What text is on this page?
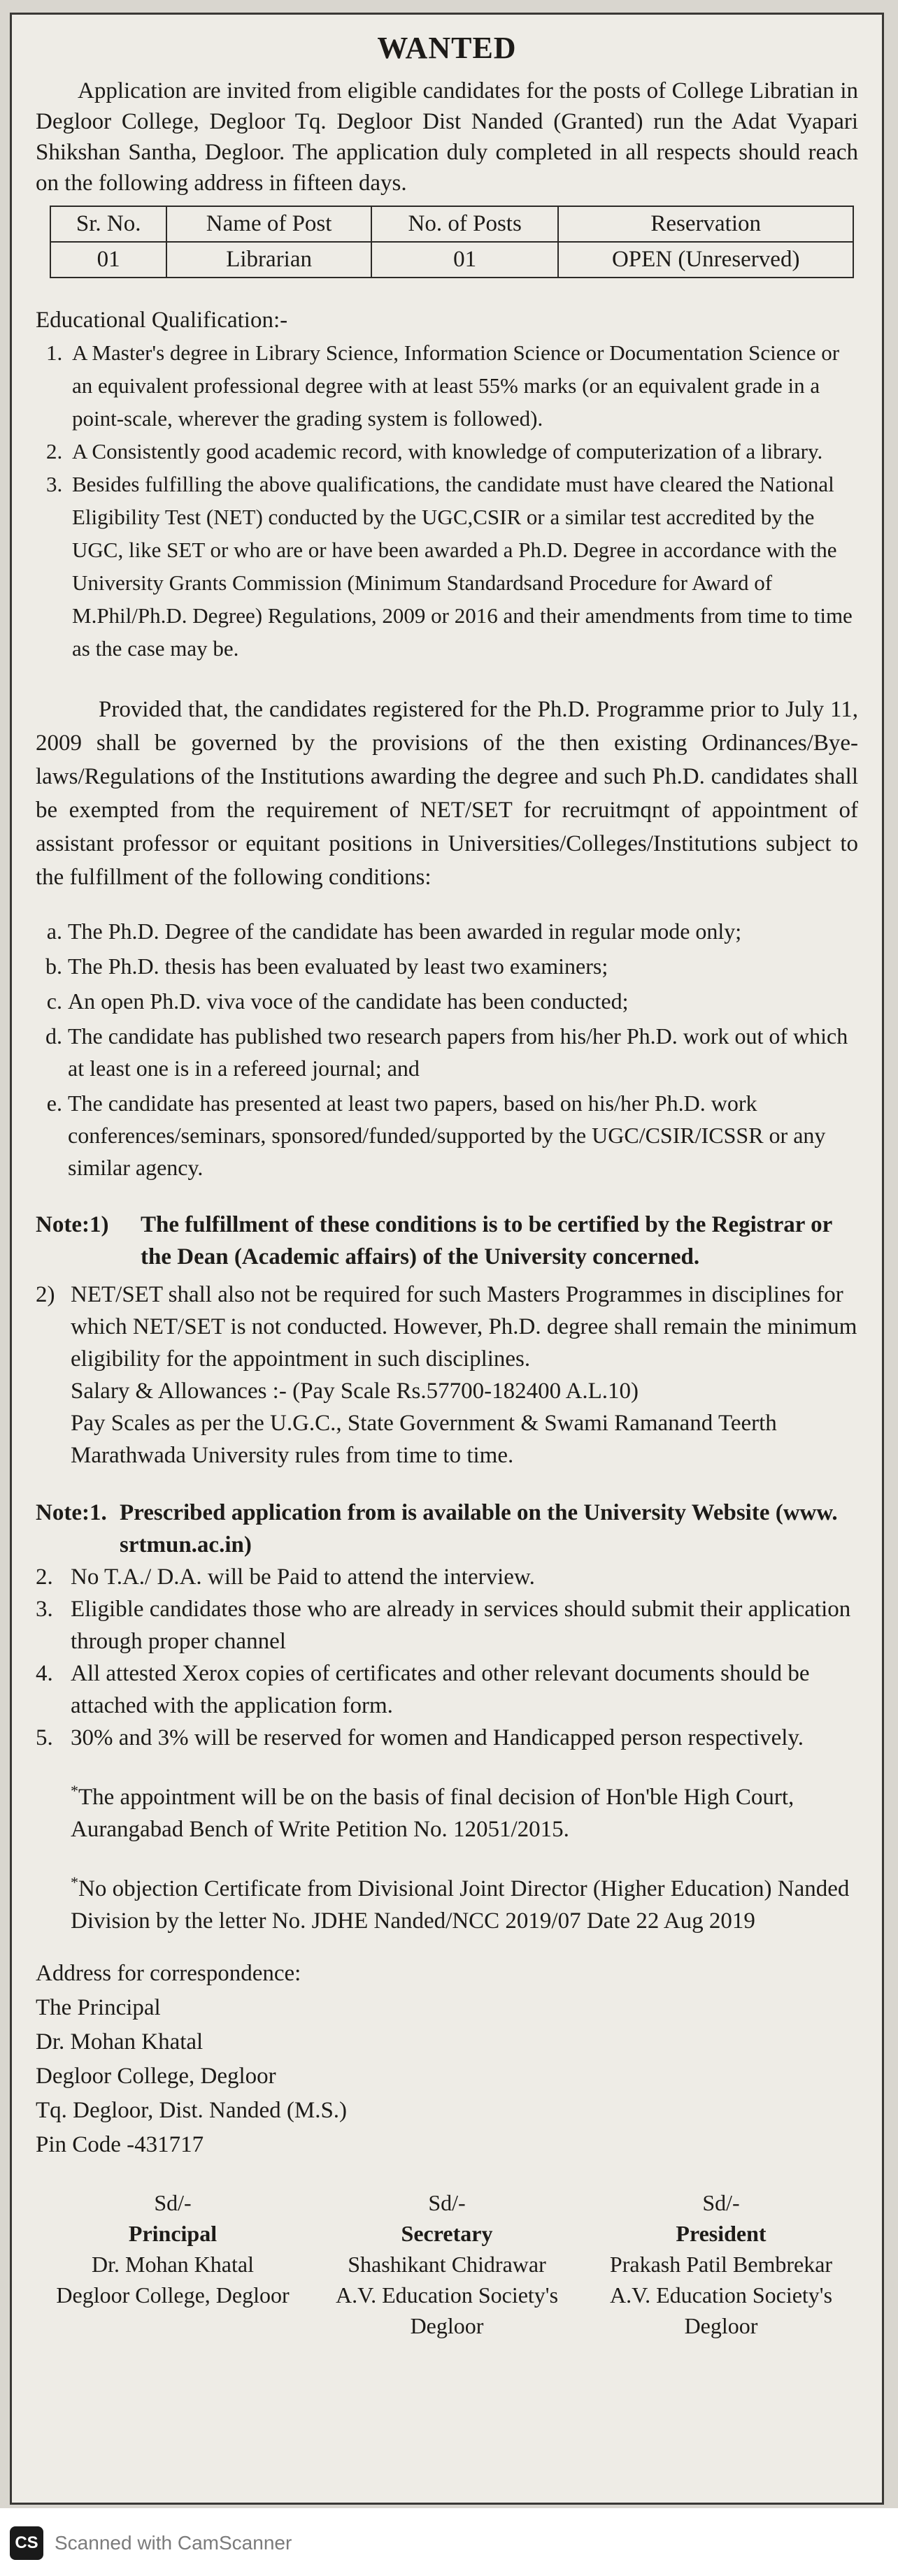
WANTED

Application are invited from eligible candidates for the posts of College Libratian in Degloor College, Degloor Tq. Degloor Dist Nanded (Granted) run the Adat Vyapari Shikshan Santha, Degloor. The application duly completed in all respects should reach on the following address in fifteen days.

Sr. No.	Name of Post	No. of Posts	Reservation
01	Librarian	01	OPEN (Unreserved)
Educational Qualification:-
1. A Master's degree in Library Science, Information Science or Documentation Science or an equivalent professional degree with at least 55% marks (or an equivalent grade in a point-scale, wherever the grading system is followed).
2. A Consistently good academic record, with knowledge of computerization of a library.
3. Besides fulfilling the above qualifications, the candidate must have cleared the National Eligibility Test (NET) conducted by the UGC,CSIR or a similar test accredited by the UGC, like SET or who are or have been awarded a Ph.D. Degree in accordance with the University Grants Commission (Minimum Standardsand Procedure for Award of M.Phil/Ph.D. Degree) Regulations, 2009 or 2016 and their amendments from time to time as the case may be.

Provided that, the candidates registered for the Ph.D. Programme prior to July 11, 2009 shall be governed by the provisions of the then existing Ordinances/Bye-laws/Regulations of the Institutions awarding the degree and such Ph.D. candidates shall be exempted from the requirement of NET/SET for recruitmqnt of appointment of assistant professor or equitant positions in Universities/Colleges/Institutions subject to the fulfillment of the following conditions:

a. The Ph.D. Degree of the candidate has been awarded in regular mode only;
b. The Ph.D. thesis has been evaluated by least two examiners;
c. An open Ph.D. viva voce of the candidate has been conducted;
d. The candidate has published two research papers from his/her Ph.D. work out of which at least one is in a refereed journal; and
e. The candidate has presented at least two papers, based on his/her Ph.D. work conferences/seminars, sponsored/funded/supported by the UGC/CSIR/ICSSR or any similar agency.
Note:1)	The fulfillment of these conditions is to be certified by the Registrar or the Dean (Academic affairs) of the University concerned.
2) NET/SET shall also not be required for such Masters Programmes in disciplines for which NET/SET is not conducted. However, Ph.D. degree shall remain the minimum eligibility for the appointment in such disciplines.
Salary & Allowances :- (Pay Scale Rs.57700-182400 A.L.10)
Pay Scales as per the U.G.C., State Government & Swami Ramanand Teerth Marathwada University rules from time to time.
Note:1. Prescribed application from is available on the University Website (www. srtmun.ac.in)
2. No T.A./ D.A. will be Paid to attend the interview.
3. Eligible candidates those who are already in services should submit their application through proper channel
4. All attested Xerox copies of certificates and other relevant documents should be attached with the application form.
5. 30% and 3% will be reserved for women and Handicapped person respectively.
*The appointment will be on the basis of final decision of Hon'ble High Court, Aurangabad Bench of Write Petition No. 12051/2015.
*No objection Certificate from Divisional Joint Director (Higher Education) Nanded Division by the letter No. JDHE Nanded/NCC 2019/07 Date 22 Aug 2019
Address for correspondence:
The Principal
Dr. Mohan Khatal
Degloor College, Degloor
Tq. Degloor, Dist. Nanded (M.S.)
Pin Code -431717
Sd/-
Principal
Dr. Mohan Khatal
Degloor College, Degloor
Sd/-
Secretary
Shashikant Chidrawar
A.V. Education Society's Degloor
Sd/-
President
Prakash Patil Bembrekar
A.V. Education Society's Degloor
CS Scanned with CamScanner
